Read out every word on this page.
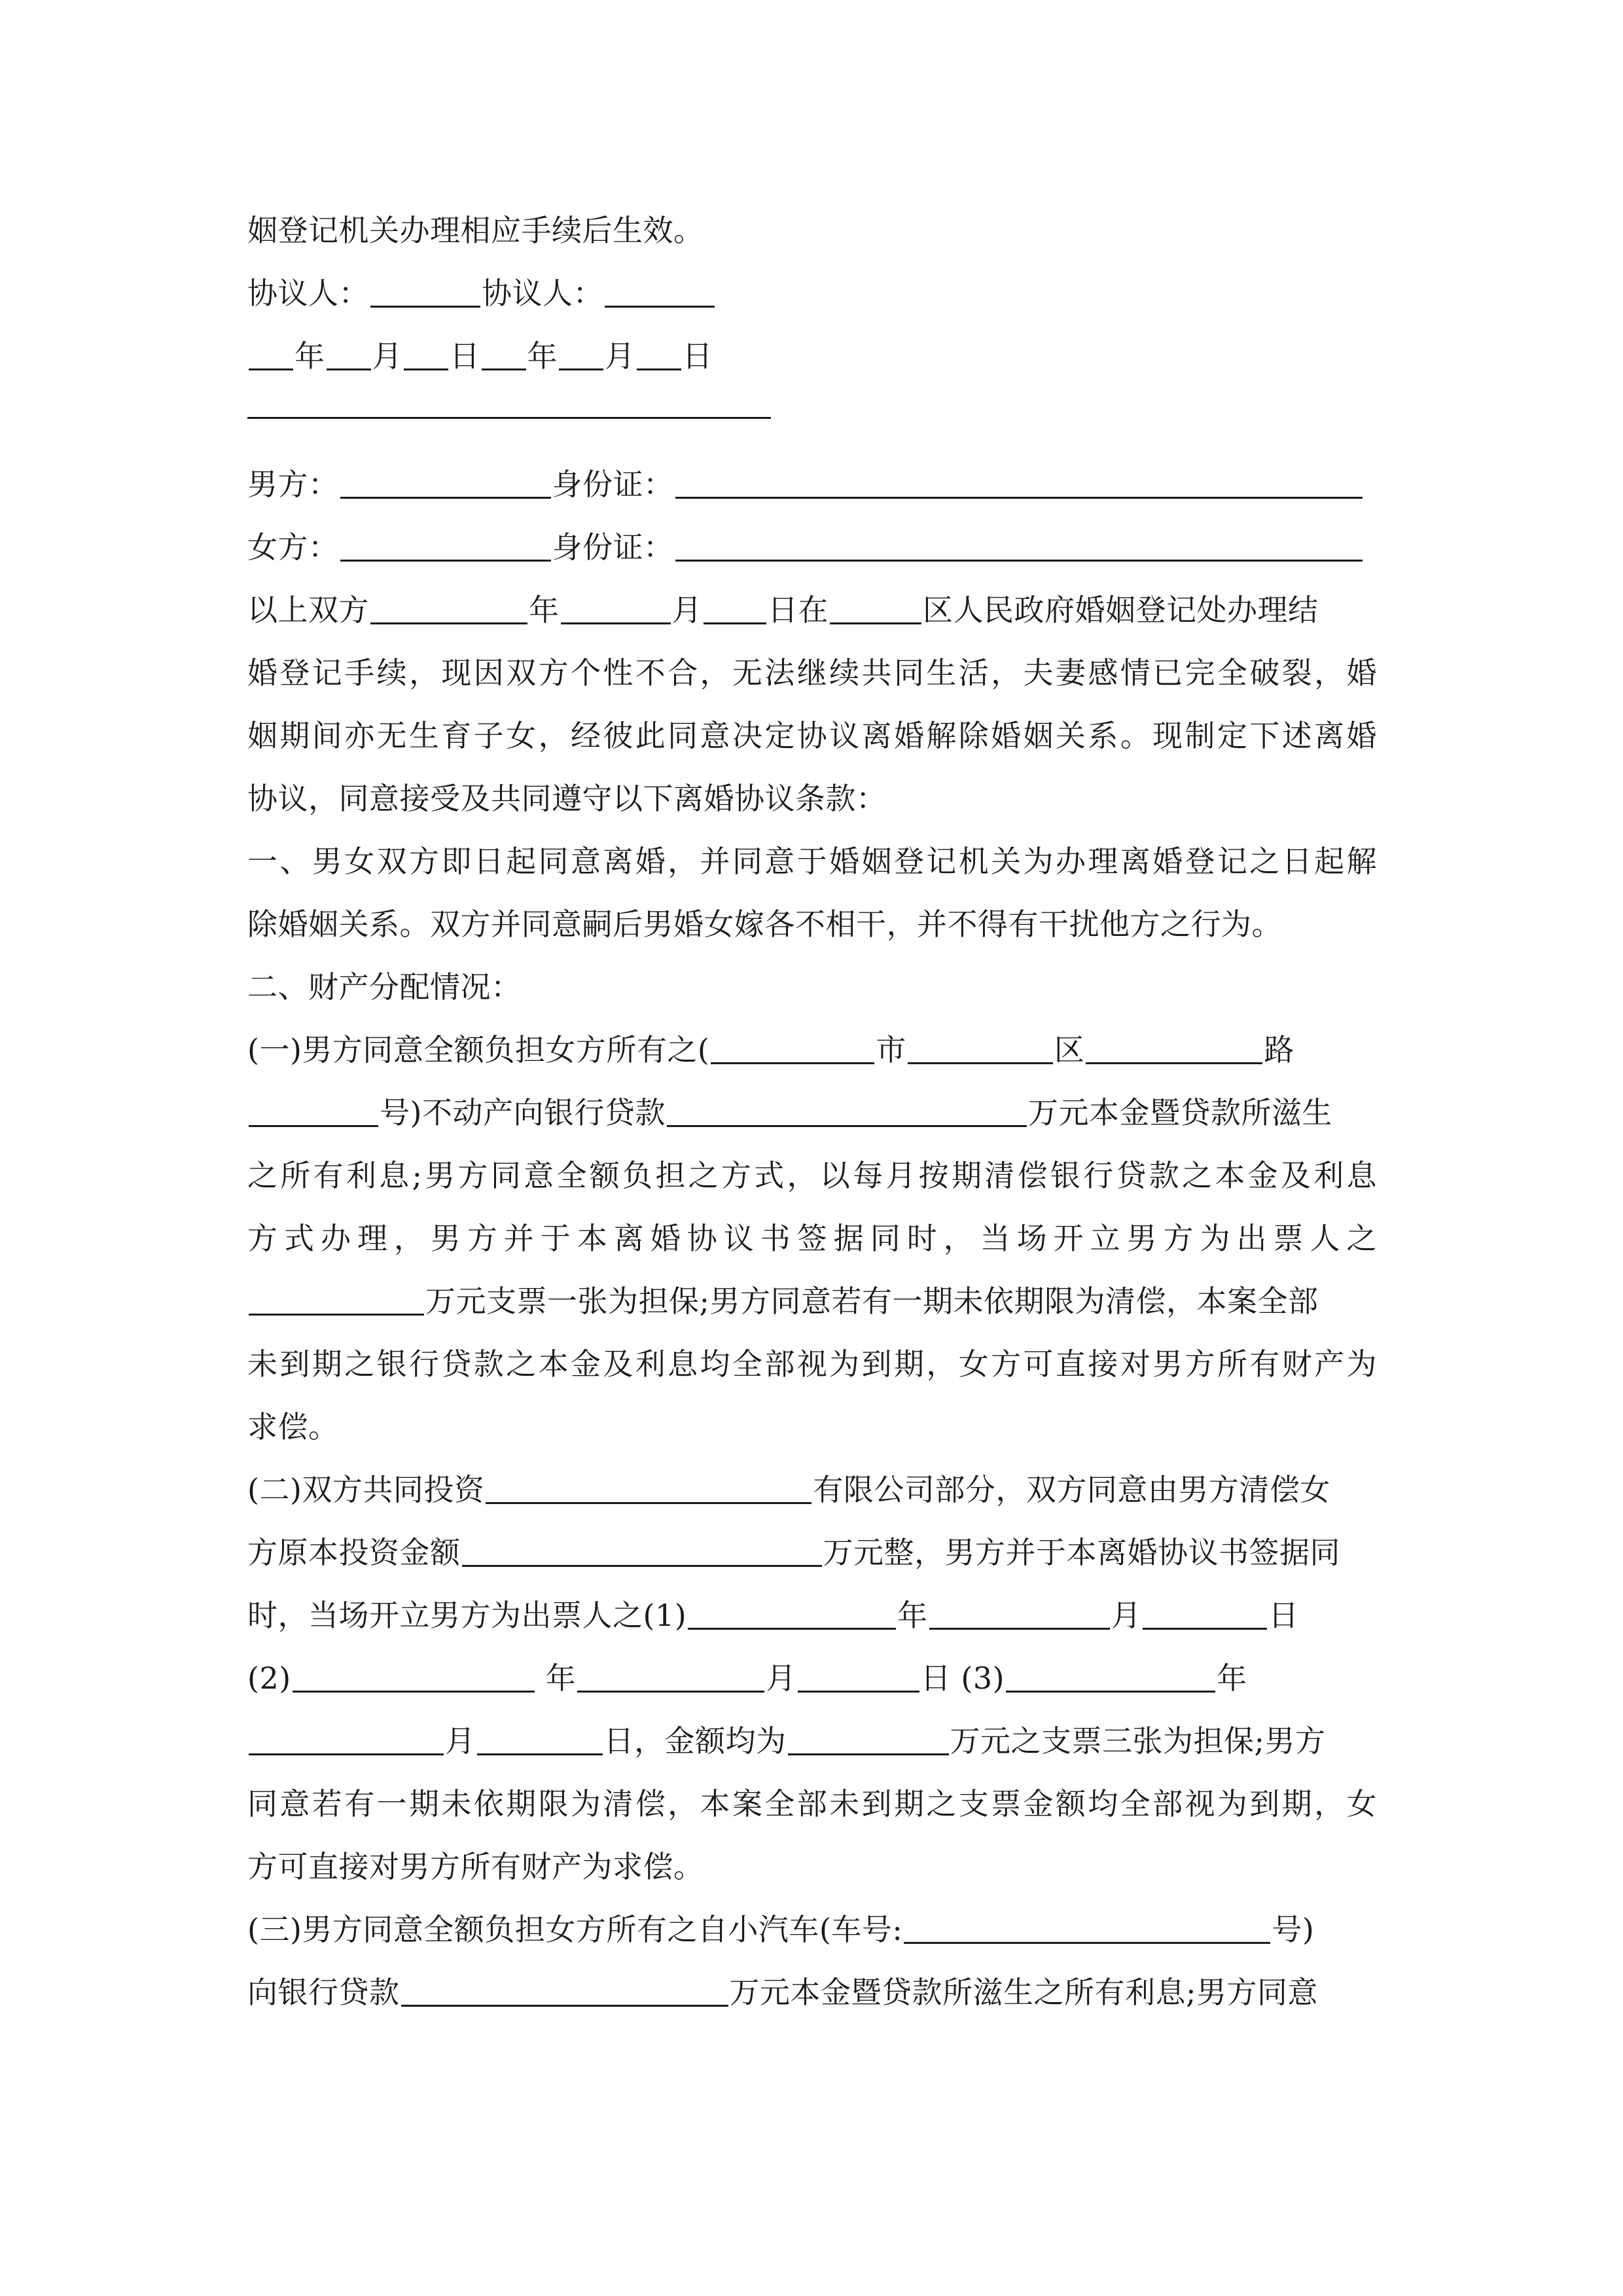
姻登记机关办理相应手续后生效。
协议人：	协议人：
年 月 日 年 月 日
男方：	身份证：
女方：	身份证：
以上双方	年	月 日在	区人民政府婚姻登记处办理结
婚登记手续，现因双方个性不合，无法继续共同生活，夫妻感情已完全破裂，婚
姻期间亦无生育子女，经彼此同意决定协议离婚解除婚姻关系。现制定下述离婚
协议，同意接受及共同遵守以下离婚协议条款：
一、男女双方即日起同意离婚，并同意于婚姻登记机关为办理离婚登记之日起解
除婚姻关系。双方并同意嗣后男婚女嫁各不相干，并不得有干扰他方之行为。
二、财产分配情况：
(一)男方同意全额负担女方所有之(	市	区	路
号)不动产向银行贷款	万元本金暨贷款所滋生
之所有利息;男方同意全额负担之方式，以每月按期清偿银行贷款之本金及利息
方式办理，男方并于本离婚协议书签据同时，当场开立男方为出票人之
万元支票一张为担保;男方同意若有一期未依期限为清偿，本案全部
未到期之银行贷款之本金及利息均全部视为到期，女方可直接对男方所有财产为
求偿。
(二)双方共同投资	有限公司部分，双方同意由男方清偿女
方原本投资金额	万元整，男方并于本离婚协议书签据同
时，当场开立男方为出票人之(1)	年	月	日
(2)	年	月	日 (3)	年
月	日，金额均为	万元之支票三张为担保;男方
同意若有一期未依期限为清偿，本案全部未到期之支票金额均全部视为到期，女
方可直接对男方所有财产为求偿。
(三)男方同意全额负担女方所有之自小汽车(车号:	号)
向银行贷款	万元本金暨贷款所滋生之所有利息;男方同意
